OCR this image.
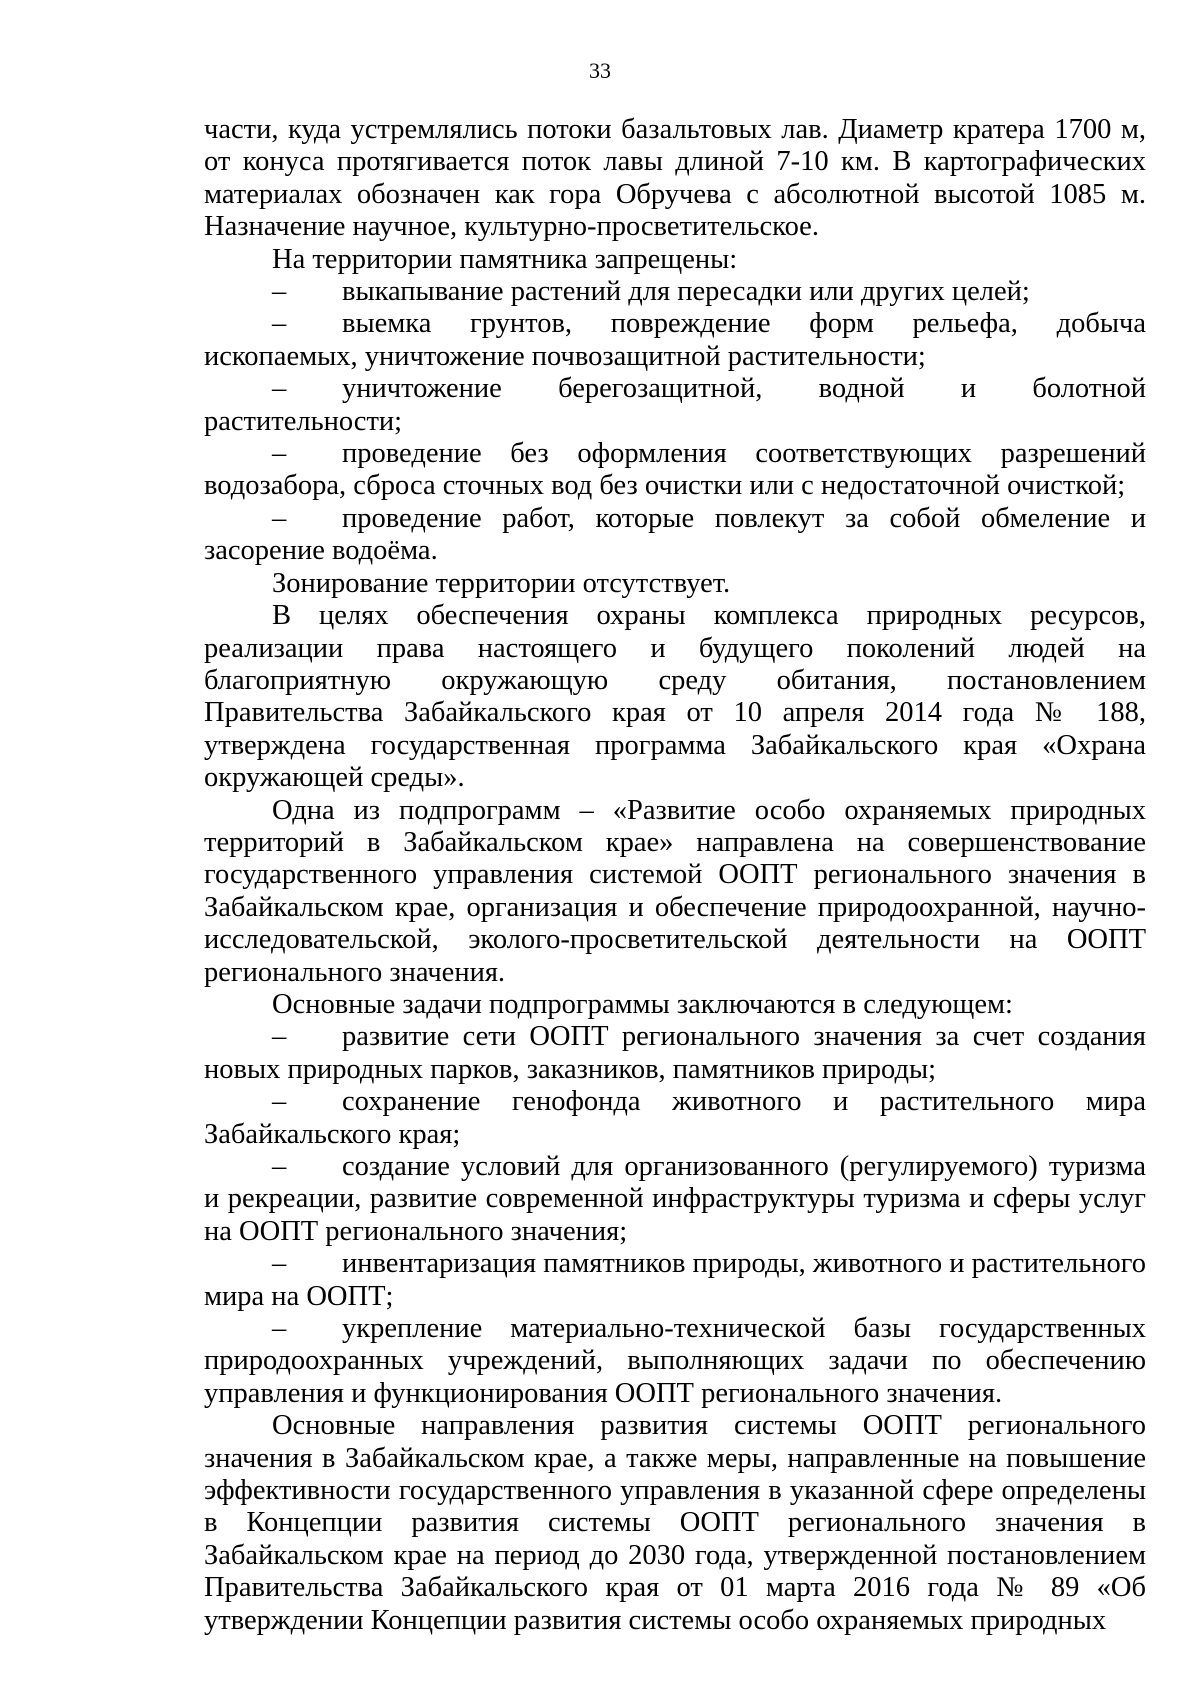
33

части, куда устремлялись потоки базальтовых лав. Диаметр кратера 1700 м, от конуса протягивается поток лавы длиной 7-10 км. В картографических материалах обозначен как гора Обручева с абсолютной высотой 1085 м. Назначение научное, культурно-просветительское.

На территории памятника запрещены:

– выкапывание растений для пересадки или других целей;

– выемка грунтов, повреждение форм рельефа, добыча ископаемых, уничтожение почвозащитной растительности;

– уничтожение берегозащитной, водной и болотной растительности;

– проведение без оформления соответствующих разрешений водозабора, сброса сточных вод без очистки или с недостаточной очисткой;

– проведение работ, которые повлекут за собой обмеление и засорение водоёма.

Зонирование территории отсутствует.

В целях обеспечения охраны комплекса природных ресурсов, реализации права настоящего и будущего поколений людей на благоприятную окружающую среду обитания, постановлением Правительства Забайкальского края от 10 апреля 2014 года № 188, утверждена государственная программа Забайкальского края «Охрана окружающей среды».

Одна из подпрограмм – «Развитие особо охраняемых природных территорий в Забайкальском крае» направлена на совершенствование государственного управления системой ООПТ регионального значения в Забайкальском крае, организация и обеспечение природоохранной, научно-исследовательской, эколого-просветительской деятельности на ООПТ регионального значения.

Основные задачи подпрограммы заключаются в следующем:

– развитие сети ООПТ регионального значения за счет создания новых природных парков, заказников, памятников природы;

– сохранение генофонда животного и растительного мира Забайкальского края;

– создание условий для организованного (регулируемого) туризма и рекреации, развитие современной инфраструктуры туризма и сферы услуг на ООПТ регионального значения;

– инвентаризация памятников природы, животного и растительного мира на ООПТ;

– укрепление материально-технической базы государственных природоохранных учреждений, выполняющих задачи по обеспечению управления и функционирования ООПТ регионального значения.

Основные направления развития системы ООПТ регионального значения в Забайкальском крае, а также меры, направленные на повышение эффективности государственного управления в указанной сфере определены в Концепции развития системы ООПТ регионального значения в Забайкальском крае на период до 2030 года, утвержденной постановлением Правительства Забайкальского края от 01 марта 2016 года № 89 «Об утверждении Концепции развития системы особо охраняемых природных
